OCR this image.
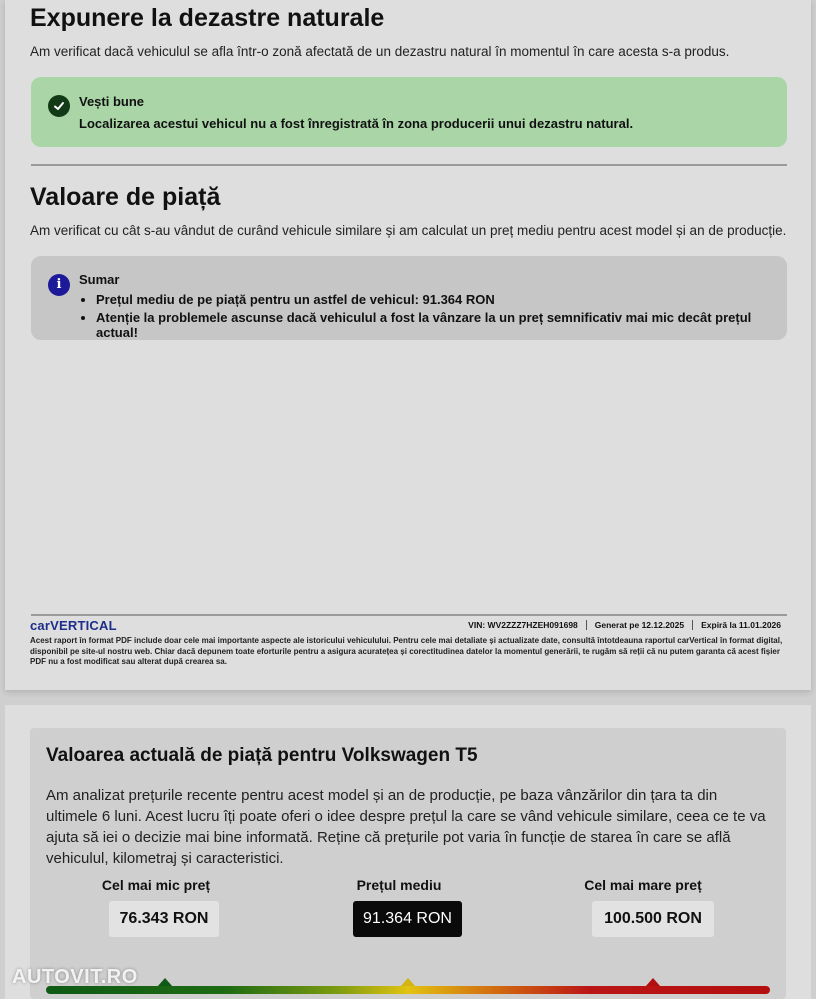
Expunere la dezastre naturale

Am verificat dacă vehiculul se afla într-o zonă afectată de un dezastru natural în momentul în care acesta s-a produs.

Vești bune
Localizarea acestui vehicul nu a fost înregistrată în zona producerii unui dezastru natural.
Valoare de piață

Am verificat cu cât s-au vândut de curând vehicule similare și am calculat un preț mediu pentru acest model și an de producție.

i	Sumar
• Prețul mediu de pe piață pentru un astfel de vehicul: 91.364 RON
• Atenție la problemele ascunse dacă vehiculul a fost la vânzare la un preț semnificativ mai mic decât prețul actual!
carVERTICAL	VIN:
WV2ZZZ7HZEH091698 Generat pe
12.12.2025 Expiră la
11.01.2026

Acest raport în format PDF include doar cele mai importante aspecte ale istoricului vehiculului. Pentru cele mai detaliate și actualizate date, consultă întotdeauna raportul carVertical în format digital, disponibil pe site-ul nostru web. Chiar dacă depunem toate eforturile pentru a asigura acuratețea și corectitudinea datelor la momentul generării, te rugăm să reții că nu putem garanta că acest fișier PDF nu a fost modificat sau alterat după crearea sa.

Valoarea actuală de piață pentru Volkswagen T5

Am analizat prețurile recente pentru acest model și an de producție, pe baza vânzărilor din țara ta din ultimele 6 luni. Acest lucru îți poate oferi o idee despre prețul la care se vând vehicule similare, ceea ce te va ajuta să iei o decizie mai bine informată. Reține că prețurile pot varia în funcție de starea în care se află vehiculul, kilometraj și caracteristici.

Cel mai mic preț	Prețul mediu	Cel mai mare preț
76.343 RON	91.364 RON	100.500 RON
AUTOVIT.RO
